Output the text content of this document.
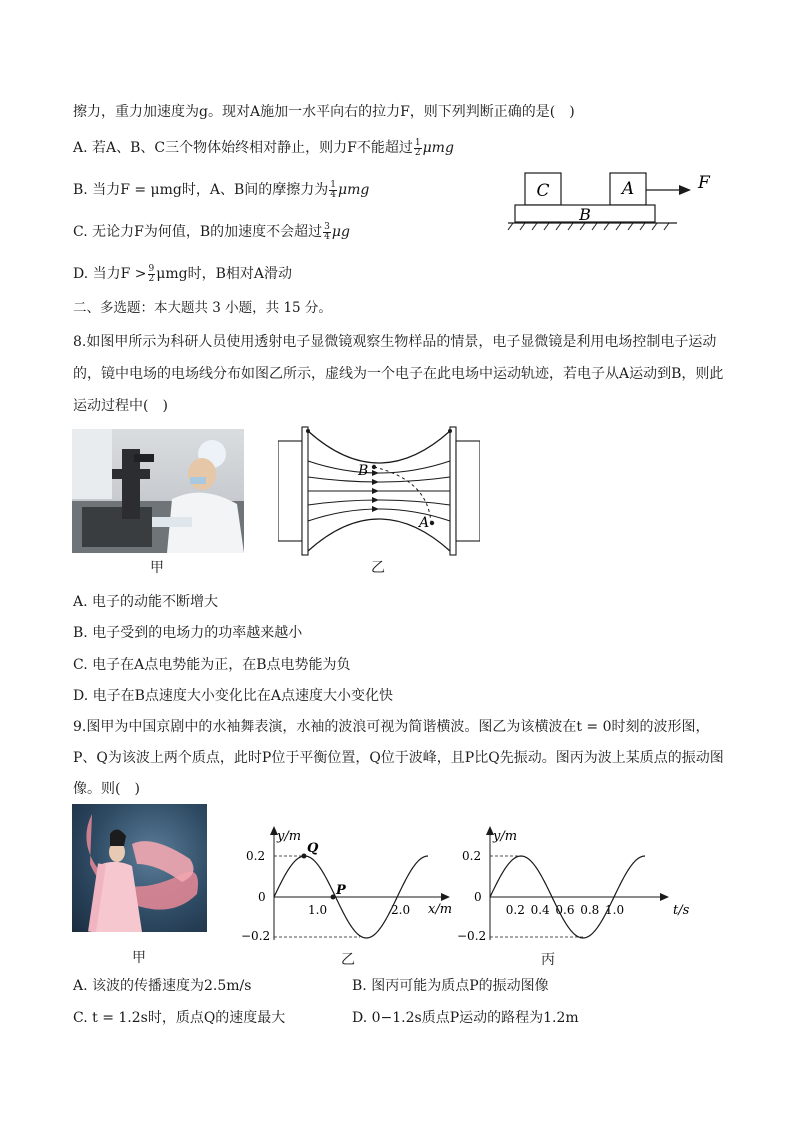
擦力，重力加速度为g。现对A施加一水平向右的拉力F，则下列判断正确的是(　)
A. 若A、B、C三个物体始终相对静止，则力F不能超过 $\frac{1}{2}$ μmg
B. 当力F = μmg时，A、B间的摩擦力为 $\frac{1}{4}$ μmg
C. 无论力F为何值，B的加速度不会超过 $\frac{3}{4}$ μg
D. 当力$F > \frac{9}{2}$ μmg时，B相对A滑动
C	A
B
F
二、多选题：本大题共 3 小题，共 15 分。
8.如图甲所示为科研人员使用透射电子显微镜观察生物样品的情景，电子显微镜是利用电场控制电子运动
的，镜中电场的电场线分布如图乙所示，虚线为一个电子在此电场中运动轨迹，若电子从A运动到B，则此
运动过程中(　)
甲
B
A
乙
A. 电子的动能不断增大
B. 电子受到的电场力的功率越来越小
C. 电子在A点电势能为正，在B点电势能为负
D. 电子在B点速度大小变化比在A点速度大小变化快
9.图甲为中国京剧中的水袖舞表演，水袖的波浪可视为简谐横波。图乙为该横波在t = 0时刻的波形图，
P、Q为该波上两个质点，此时P位于平衡位置，Q位于波峰，且P比Q先振动。图丙为波上某质点的振动图
像。则(　)
甲
y/m
x/m
0.2
−0.2
0
1.0	2.0
Q
P
乙
y/m
t/s
0.2
−0.2
0
0.2 0.4 0.6 0.8 1.0
丙
A. 该波的传播速度为2.5m/s	B. 图丙可能为质点P的振动图像
C. t = 1.2s时，质点Q的速度最大	D. 0−1.2s质点P运动的路程为1.2m
